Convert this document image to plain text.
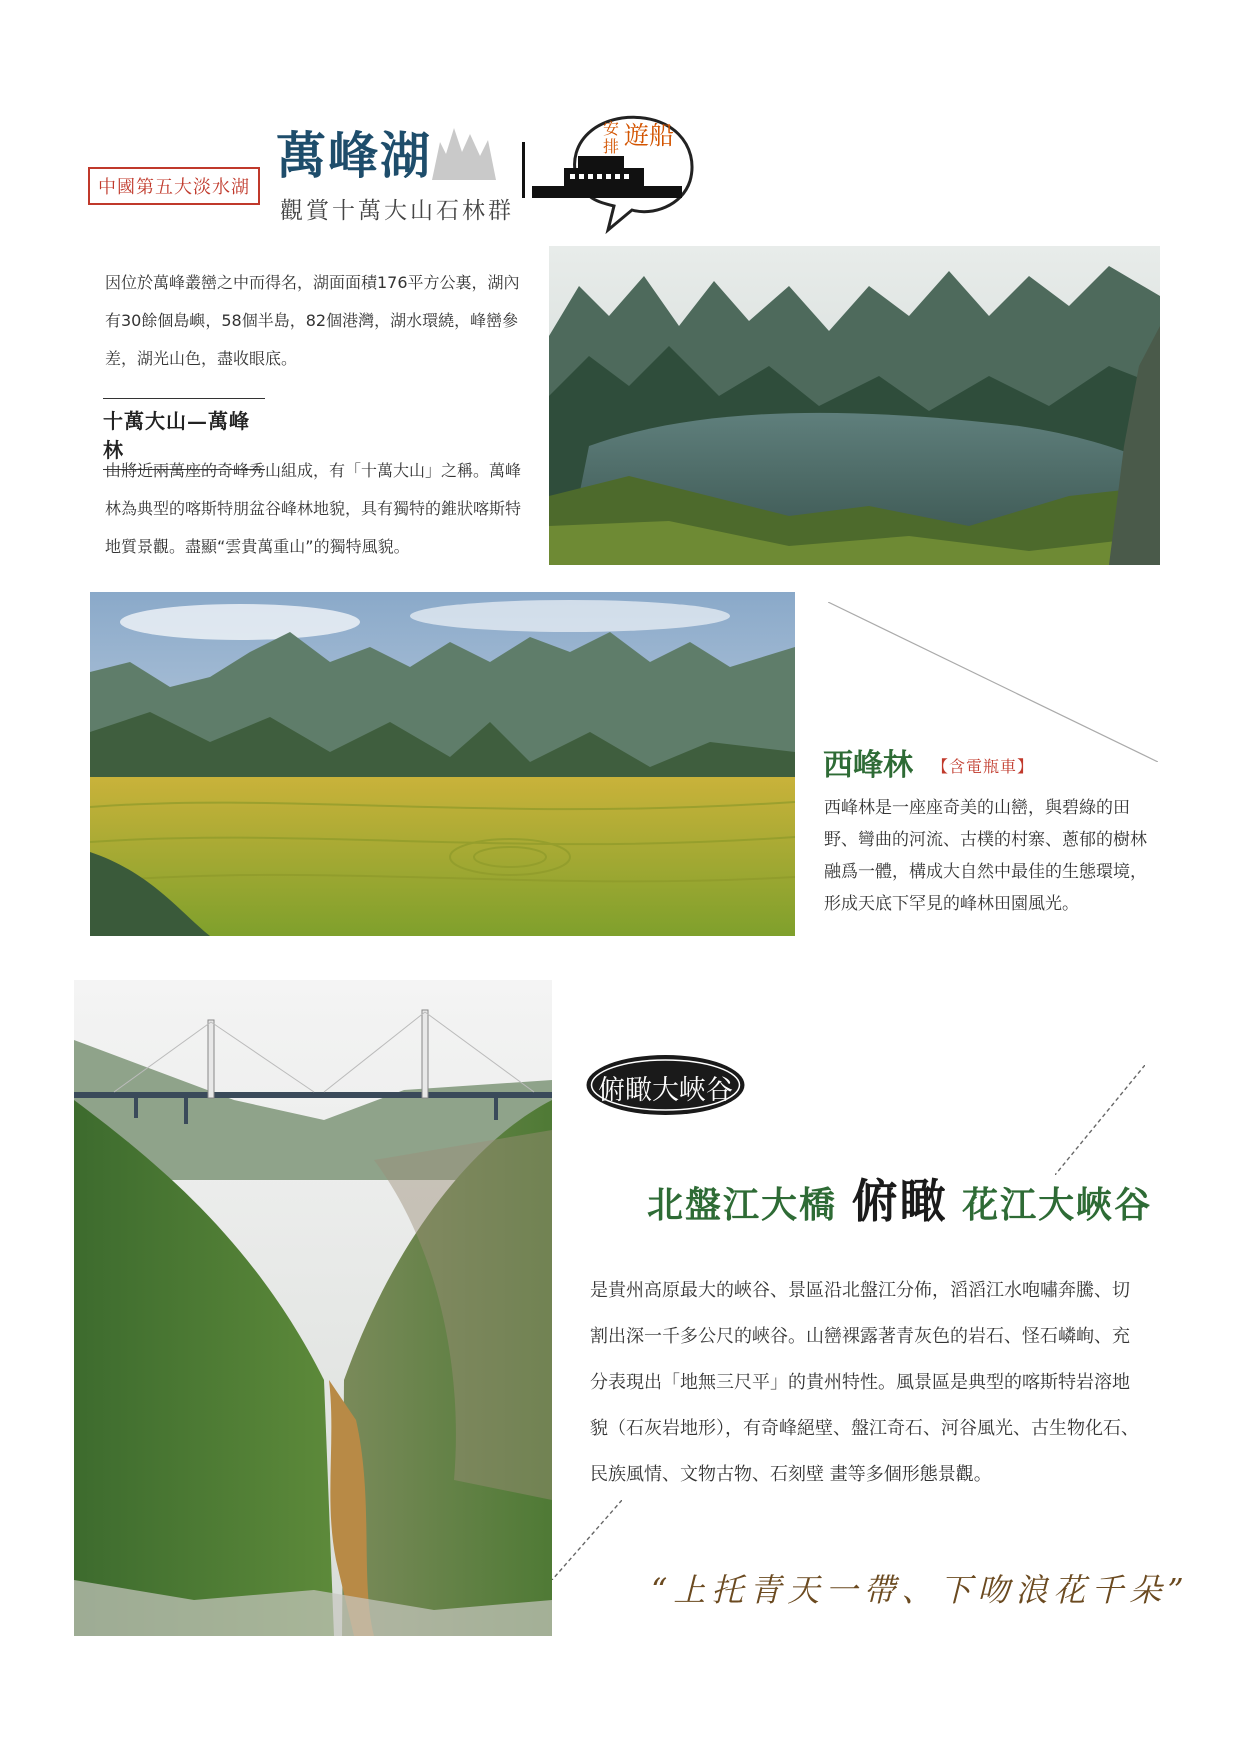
中國第五大淡水湖
萬峰湖
觀賞十萬大山石林群
安排 遊船
因位於萬峰叢巒之中而得名，湖面面積176平方公裏，湖內有30餘個島嶼，58個半島，82個港灣，湖水環繞，峰巒參差，湖光山色，盡收眼底。
十萬大山—萬峰林
由將近兩萬座的奇峰秀山組成，有「十萬大山」之稱。萬峰林為典型的喀斯特朋盆谷峰林地貌，具有獨特的錐狀喀斯特地質景觀。盡顯“雲貴萬重山”的獨特風貌。
西峰林 【含電瓶車】
西峰林是一座座奇美的山巒，與碧綠的田野、彎曲的河流、古樸的村寨、蔥郁的樹林融爲一體，構成大自然中最佳的生態環境，形成天底下罕見的峰林田園風光。
俯瞰大峽谷
北盤江大橋 俯瞰 花江大峽谷
是貴州高原最大的峽谷、景區沿北盤江分佈，滔滔江水咆嘯奔騰、切割出深一千多公尺的峽谷。山巒裸露著青灰色的岩石、怪石嶙峋、充分表現出「地無三尺平」的貴州特性。風景區是典型的喀斯特岩溶地貌（石灰岩地形），有奇峰絕壁、盤江奇石、河谷風光、古生物化石、民族風情、文物古物、石刻壁 畫等多個形態景觀。
“上托青天一帶、下吻浪花千朵”
